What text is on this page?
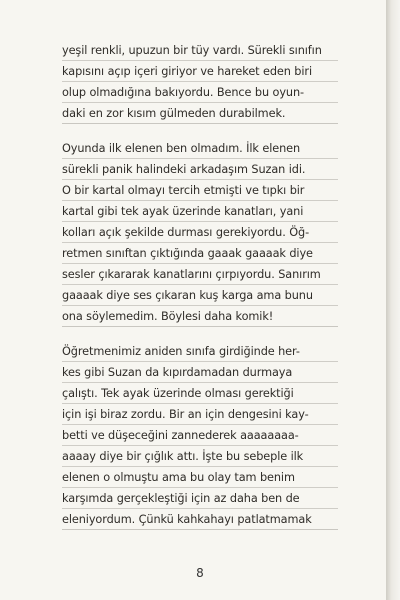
yeşil renkli, upuzun bir tüy vardı. Sürekli sınıfın
kapısını açıp içeri giriyor ve hareket eden biri
olup olmadığına bakıyordu. Bence bu oyun-
daki en zor kısım gülmeden durabilmek.
Oyunda ilk elenen ben olmadım. İlk elenen
sürekli panik halindeki arkadaşım Suzan idi.
O bir kartal olmayı tercih etmişti ve tıpkı bir
kartal gibi tek ayak üzerinde kanatları, yani
kolları açık şekilde durması gerekiyordu. Öğ-
retmen sınıftan çıktığında gaaak gaaaak diye
sesler çıkararak kanatlarını çırpıyordu. Sanırım
gaaaak diye ses çıkaran kuş karga ama bunu
ona söylemedim. Böylesi daha komik!
Öğretmenimiz aniden sınıfa girdiğinde her-
kes gibi Suzan da kıpırdamadan durmaya
çalıştı. Tek ayak üzerinde olması gerektiği
için işi biraz zordu. Bir an için dengesini kay-
betti ve düşeceğini zannederek aaaaaaaa-
aaaay diye bir çığlık attı. İşte bu sebeple ilk
elenen o olmuştu ama bu olay tam benim
karşımda gerçekleştiği için az daha ben de
eleniyordum. Çünkü kahkahayı patlatmamak
8
